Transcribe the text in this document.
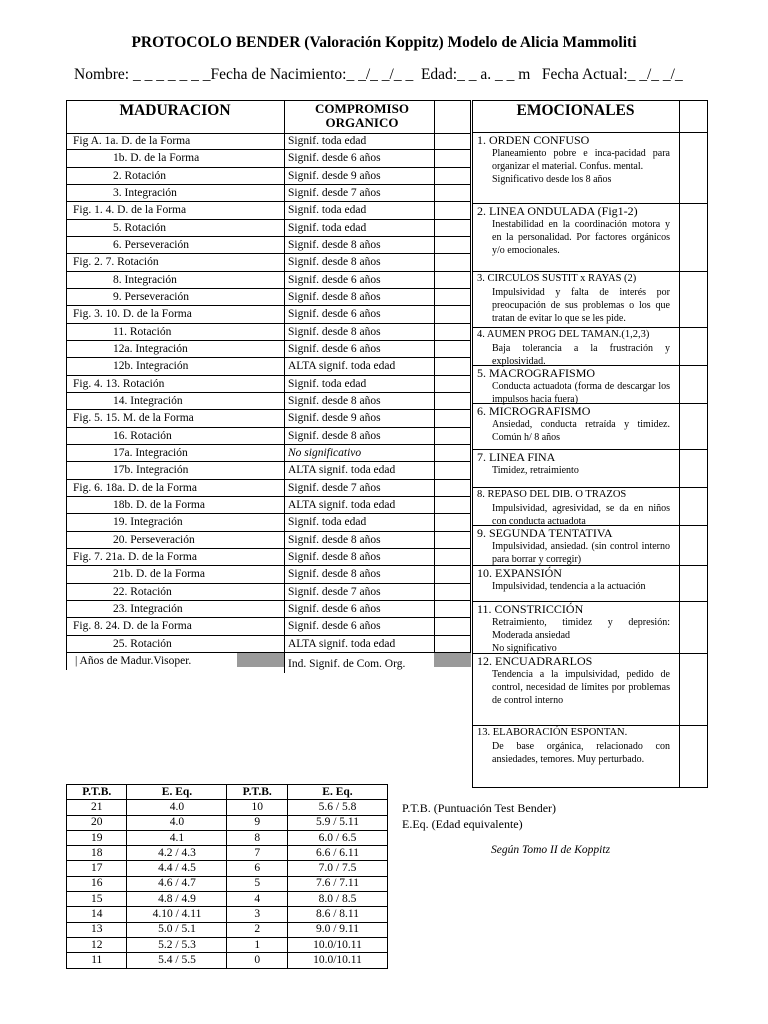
PROTOCOLO BENDER (Valoración Koppitz) Modelo de Alicia Mammoliti
Nombre: _ _ _ _ _ _ _Fecha de Nacimiento:_ _/_ _/_ _  Edad:_ _ a. _ _ m   Fecha Actual:_ _/_ _/_
MADURACION	COMPROMISO ORGANICO
Fig A. 1a. D. de la Forma	Signif. toda edad
1b. D. de la Forma	Signif. desde 6 años
2. Rotación	Signif. desde 9 años
3. Integración	Signif. desde 7 años
Fig. 1. 4. D. de la Forma	Signif. toda edad
5. Rotación	Signif. toda edad
6. Perseveración	Signif. desde 8 años
Fig. 2. 7. Rotación	Signif. desde 8 años
8. Integración	Signif. desde 6 años
9. Perseveración	Signif. desde 8 años
Fig. 3. 10. D. de la Forma	Signif. desde 6 años
11. Rotación	Signif. desde 8 años
12a. Integración	Signif. desde 6 años
12b. Integración	ALTA signif. toda edad
Fig. 4. 13. Rotación	Signif. toda edad
14. Integración	Signif. desde 8 años
Fig. 5. 15. M. de la Forma	Signif. desde 9 años
16. Rotación	Signif. desde 8 años
17a. Integración	No significativo
17b. Integración	ALTA signif. toda edad
Fig. 6. 18a. D. de la Forma	Signif. desde 7 años
18b. D. de la Forma	ALTA signif. toda edad
19. Integración	Signif. toda edad
20. Perseveración	Signif. desde 8 años
Fig. 7. 21a. D. de la Forma	Signif. desde 8 años
21b. D. de la Forma	Signif. desde 8 años
22. Rotación	Signif. desde 7 años
23. Integración	Signif. desde 6 años
Fig. 8. 24. D. de la Forma	Signif. desde 6 años
25. Rotación	ALTA signif. toda edad
| Años de Madur.Visoper.	Ind. Signif. de Com. Org.
EMOCIONALES
1. ORDEN CONFUSO
Planeamiento pobre e inca-pacidad para organizar el material. Confus. mental.

Significativo desde los 8 años
2. LINEA ONDULADA (Fig1-2)
Inestabilidad en la coordinación motora y en la personalidad. Por factores orgánicos y/o emocionales.
3. CIRCULOS SUSTIT x RAYAS (2)
Impulsividad y falta de interés por preocupación de sus problemas o los que tratan de evitar lo que se les pide.
4. AUMEN PROG DEL TAMAN.(1,2,3)
Baja tolerancia a la frustración y explosividad.
5. MACROGRAFISMO
Conducta actuadota (forma de descargar los impulsos hacia fuera)
6. MICROGRAFISMO
Ansiedad, conducta retraída y timidez. Común h/ 8 años
7. LINEA FINA
Timidez, retraimiento
8. REPASO DEL DIB. O TRAZOS
Impulsividad, agresividad, se da en niños con conducta actuadota
9. SEGUNDA TENTATIVA
Impulsividad, ansiedad. (sin control interno para borrar y corregir)
10. EXPANSIÓN
Impulsividad, tendencia a la actuación
11. CONSTRICCIÓN
Retraimiento, timidez y depresión: Moderada ansiedad

No significativo
12. ENCUADRARLOS
Tendencia a la impulsividad, pedido de control, necesidad de límites por problemas de control interno
13. ELABORACIÓN ESPONTAN.
De base orgánica, relacionado con ansiedades, temores. Muy perturbado.
P.T.B.	E. Eq.	P.T.B.	E. Eq.
21	4.0	10	5.6 / 5.8
20	4.0	9	5.9 / 5.11
19	4.1	8	6.0 / 6.5
18	4.2 / 4.3	7	6.6 / 6.11
17	4.4 / 4.5	6	7.0 / 7.5
16	4.6 / 4.7	5	7.6 / 7.11
15	4.8 / 4.9	4	8.0 / 8.5
14	4.10 / 4.11	3	8.6 / 8.11
13	5.0 / 5.1	2	9.0 / 9.11
12	5.2 / 5.3	1	10.0/10.11
11	5.4 / 5.5	0	10.0/10.11
P.T.B. (Puntuación Test Bender)
E.Eq. (Edad equivalente)
Según Tomo II de Koppitz
